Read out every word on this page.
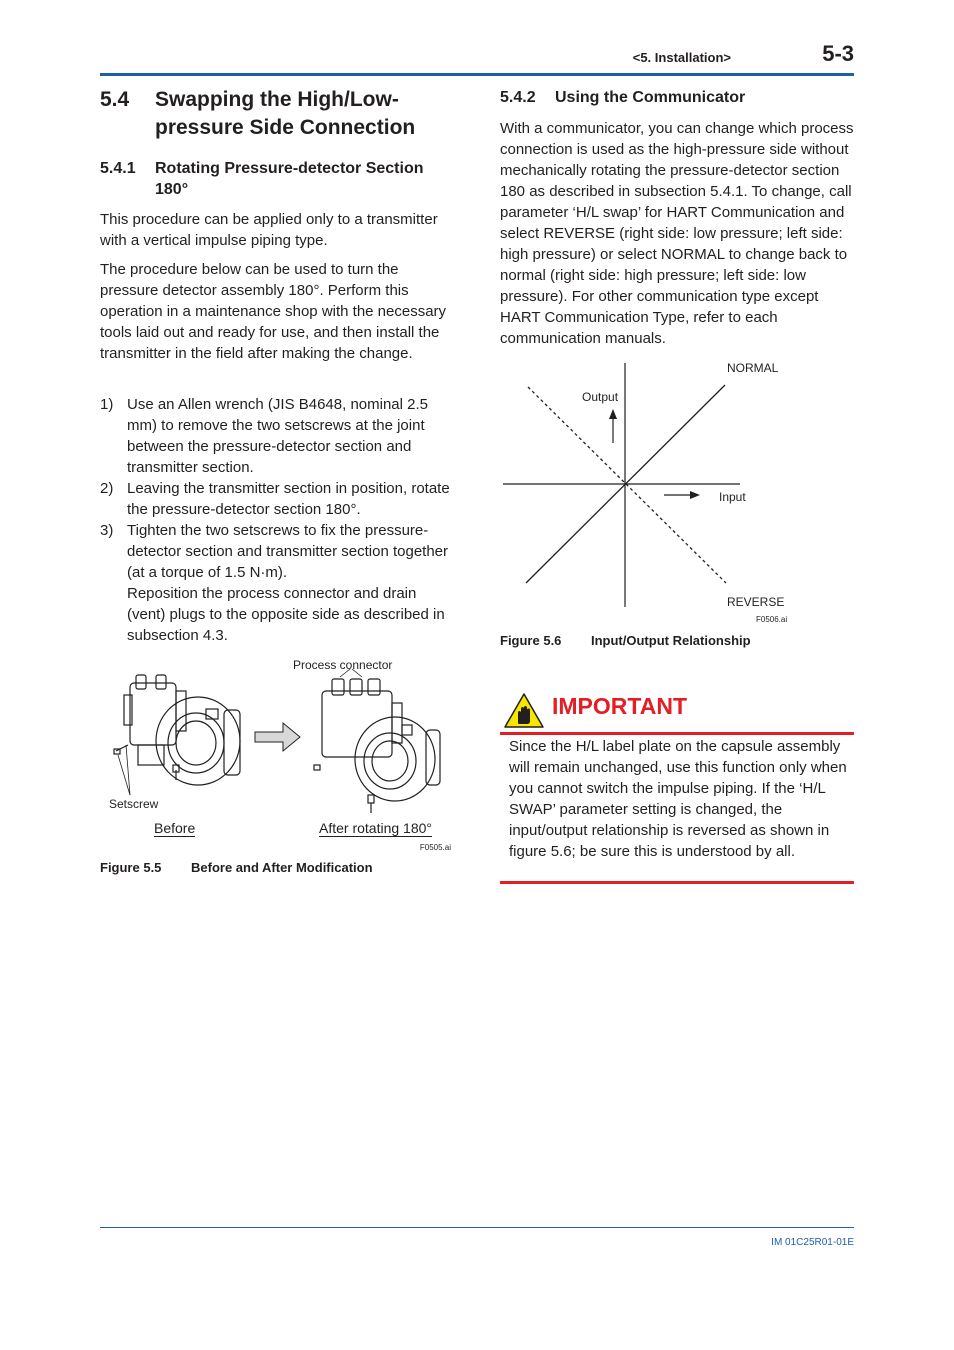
<5. Installation>	5-3
5.4 Swapping the High/Low-pressure Side Connection
5.4.1 Rotating Pressure-detector Section 180°

This procedure can be applied only to a transmitter with a vertical impulse piping type.

The procedure below can be used to turn the pressure detector assembly 180°. Perform this operation in a maintenance shop with the necessary tools laid out and ready for use, and then install the transmitter in the field after making the change.

1) Use an Allen wrench (JIS B4648, nominal 2.5 mm) to remove the two setscrews at the joint between the pressure-detector section and transmitter section.
2) Leaving the transmitter section in position, rotate the pressure-detector section 180°.
3) Tighten the two setscrews to fix the pressure-detector section and transmitter section together (at a torque of 1.5 N·m).
Reposition the process connector and drain (vent) plugs to the opposite side as described in subsection 4.3.
Process connector
Setscrew
Before	After rotating 180°
F0505.ai
Figure 5.5 Before and After Modification
5.4.2 Using the Communicator

With a communicator, you can change which process connection is used as the high-pressure side without mechanically rotating the pressure-detector section 180 as described in subsection 5.4.1. To change, call parameter ‘H/L swap’ for HART Communication and select REVERSE (right side: low pressure; left side: high pressure) or select NORMAL to change back to normal (right side: high pressure; left side: low pressure). For other communication type except HART Communication Type, refer to each communication manuals.

NORMAL
Output
Input
REVERSE
F0506.ai
Figure 5.6 Input/Output Relationship
IMPORTANT
Since the H/L label plate on the capsule assembly will remain unchanged, use this function only when you cannot switch the impulse piping. If the ‘H/L SWAP’ parameter setting is changed, the input/output relationship is reversed as shown in figure 5.6; be sure this is understood by all.
IM 01C25R01-01E
